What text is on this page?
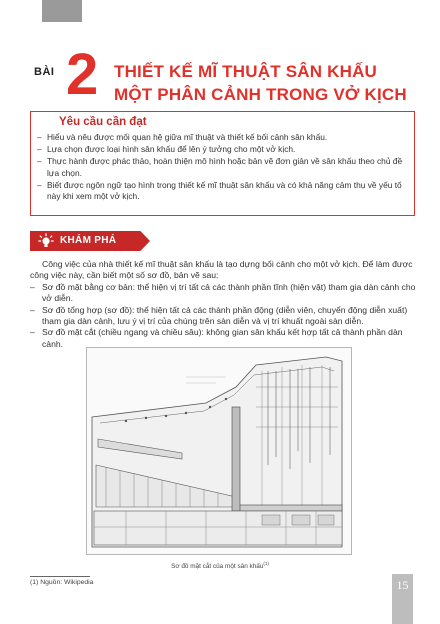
BÀI 2 THIẾT KẾ MĨ THUẬT SÂN KHẤU
MỘT PHÂN CẢNH TRONG VỞ KỊCH
Yêu cầu cần đạt
– Hiểu và nêu được mối quan hệ giữa mĩ thuật và thiết kế bối cảnh sân khấu.
– Lựa chọn được loại hình sân khấu để lên ý tưởng cho một vở kịch.
– Thực hành được phác thảo, hoàn thiện mô hình hoặc bản vẽ đơn giản về sân khấu theo chủ đề lựa chọn.
– Biết được ngôn ngữ tạo hình trong thiết kế mĩ thuật sân khấu và có khả năng cảm thụ về yếu tố này khi xem một vở kịch.
KHÁM PHÁ

Công việc của nhà thiết kế mĩ thuật sân khấu là tạo dựng bối cảnh cho một vở kịch. Để làm được công việc này, cần biết một số sơ đồ, bản vẽ sau:

– Sơ đồ mặt bằng cơ bản: thể hiện vị trí tất cả các thành phần tĩnh (hiện vật) tham gia dàn cảnh cho vở diễn.
– Sơ đồ tổng hợp (sơ đồ): thể hiện tất cả các thành phần động (diễn viên, chuyển động diễn xuất) tham gia dàn cảnh, lưu ý vị trí của chúng trên sàn diễn và vị trí khuất ngoài sàn diễn.
– Sơ đồ mặt cắt (chiều ngang và chiều sâu): không gian sân khấu kết hợp tất cả thành phần dàn cảnh.
Sơ đồ mặt cắt của một sân khấu$^{(1)}$
(1) Nguồn: Wikipedia	15
